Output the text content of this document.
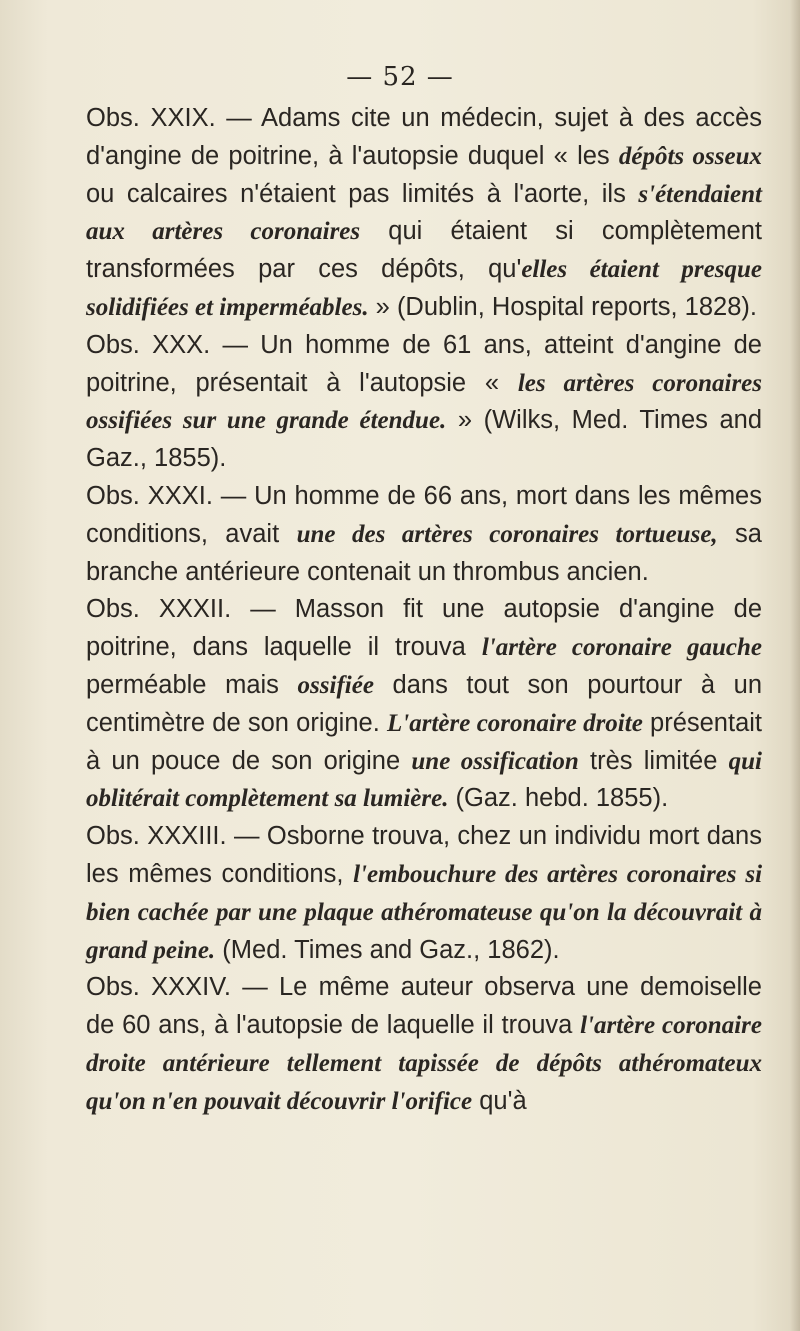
— 52 —

Obs. XXIX. — Adams cite un médecin, sujet à des accès d'angine de poitrine, à l'autopsie duquel « les dépôts osseux ou calcaires n'étaient pas limités à l'aorte, ils s'étendaient aux artères coronaires qui étaient si complètement transformées par ces dépôts, qu'elles étaient presque solidifiées et imperméables. » (Dublin, Hospital reports, 1828).

Obs. XXX. — Un homme de 61 ans, atteint d'angine de poitrine, présentait à l'autopsie « les artères coronaires ossifiées sur une grande étendue. » (Wilks, Med. Times and Gaz., 1855).

Obs. XXXI. — Un homme de 66 ans, mort dans les mêmes conditions, avait une des artères coronaires tortueuse, sa branche antérieure contenait un thrombus ancien.

Obs. XXXII. — Masson fit une autopsie d'angine de poitrine, dans laquelle il trouva l'artère coronaire gauche perméable mais ossifiée dans tout son pourtour à un centimètre de son origine. L'artère coronaire droite présentait à un pouce de son origine une ossification très limitée qui oblitérait complètement sa lumière. (Gaz. hebd. 1855).

Obs. XXXIII. — Osborne trouva, chez un individu mort dans les mêmes conditions, l'embouchure des artères coronaires si bien cachée par une plaque athéromateuse qu'on la découvrait à grand peine. (Med. Times and Gaz., 1862).

Obs. XXXIV. — Le même auteur observa une demoiselle de 60 ans, à l'autopsie de laquelle il trouva l'artère coronaire droite antérieure tellement tapissée de dépôts athéromateux qu'on n'en pouvait découvrir l'orifice qu'à
